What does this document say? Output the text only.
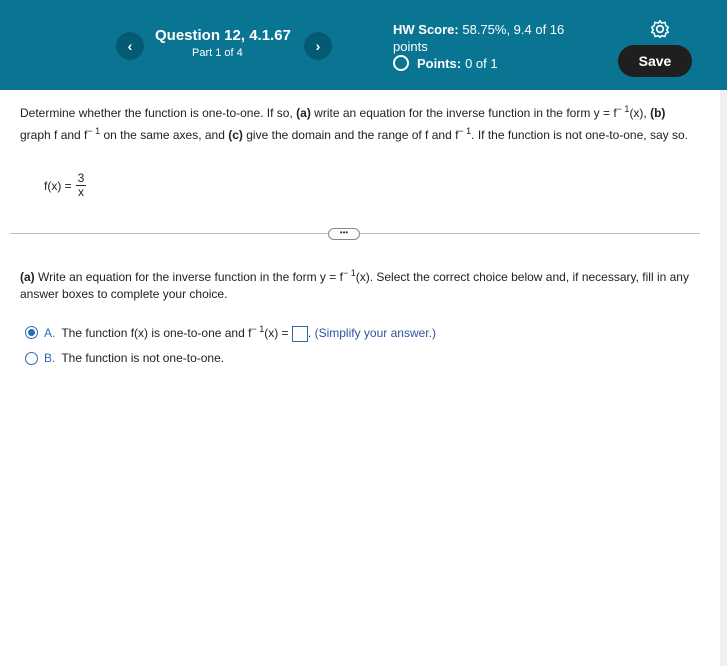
‹
Question 12, 4.1.67
Part 1 of 4	›
HW Score: 58.75%, 9.4 of 16
points
Points: 0 of 1	Save
Determine whether the function is one-to-one. If so, (a) write an equation for the inverse function in the form $y = f^{- 1}(x)$, (b) graph f and $f^{- 1}$ on the same axes, and (c) give the domain and the range of f and $f^{- 1}$. If the function is not one-to-one, say so.
$f(x) = \frac{3}{x}$
•••
(a) Write an equation for the inverse function in the form $y = f^{- 1}(x)$. Select the correct choice below and, if necessary, fill in any answer boxes to complete your choice.
A. The function f(x) is one-to-one and $f^{- 1}(x)$ = . (Simplify your answer.)
B. The function is not one-to-one.
